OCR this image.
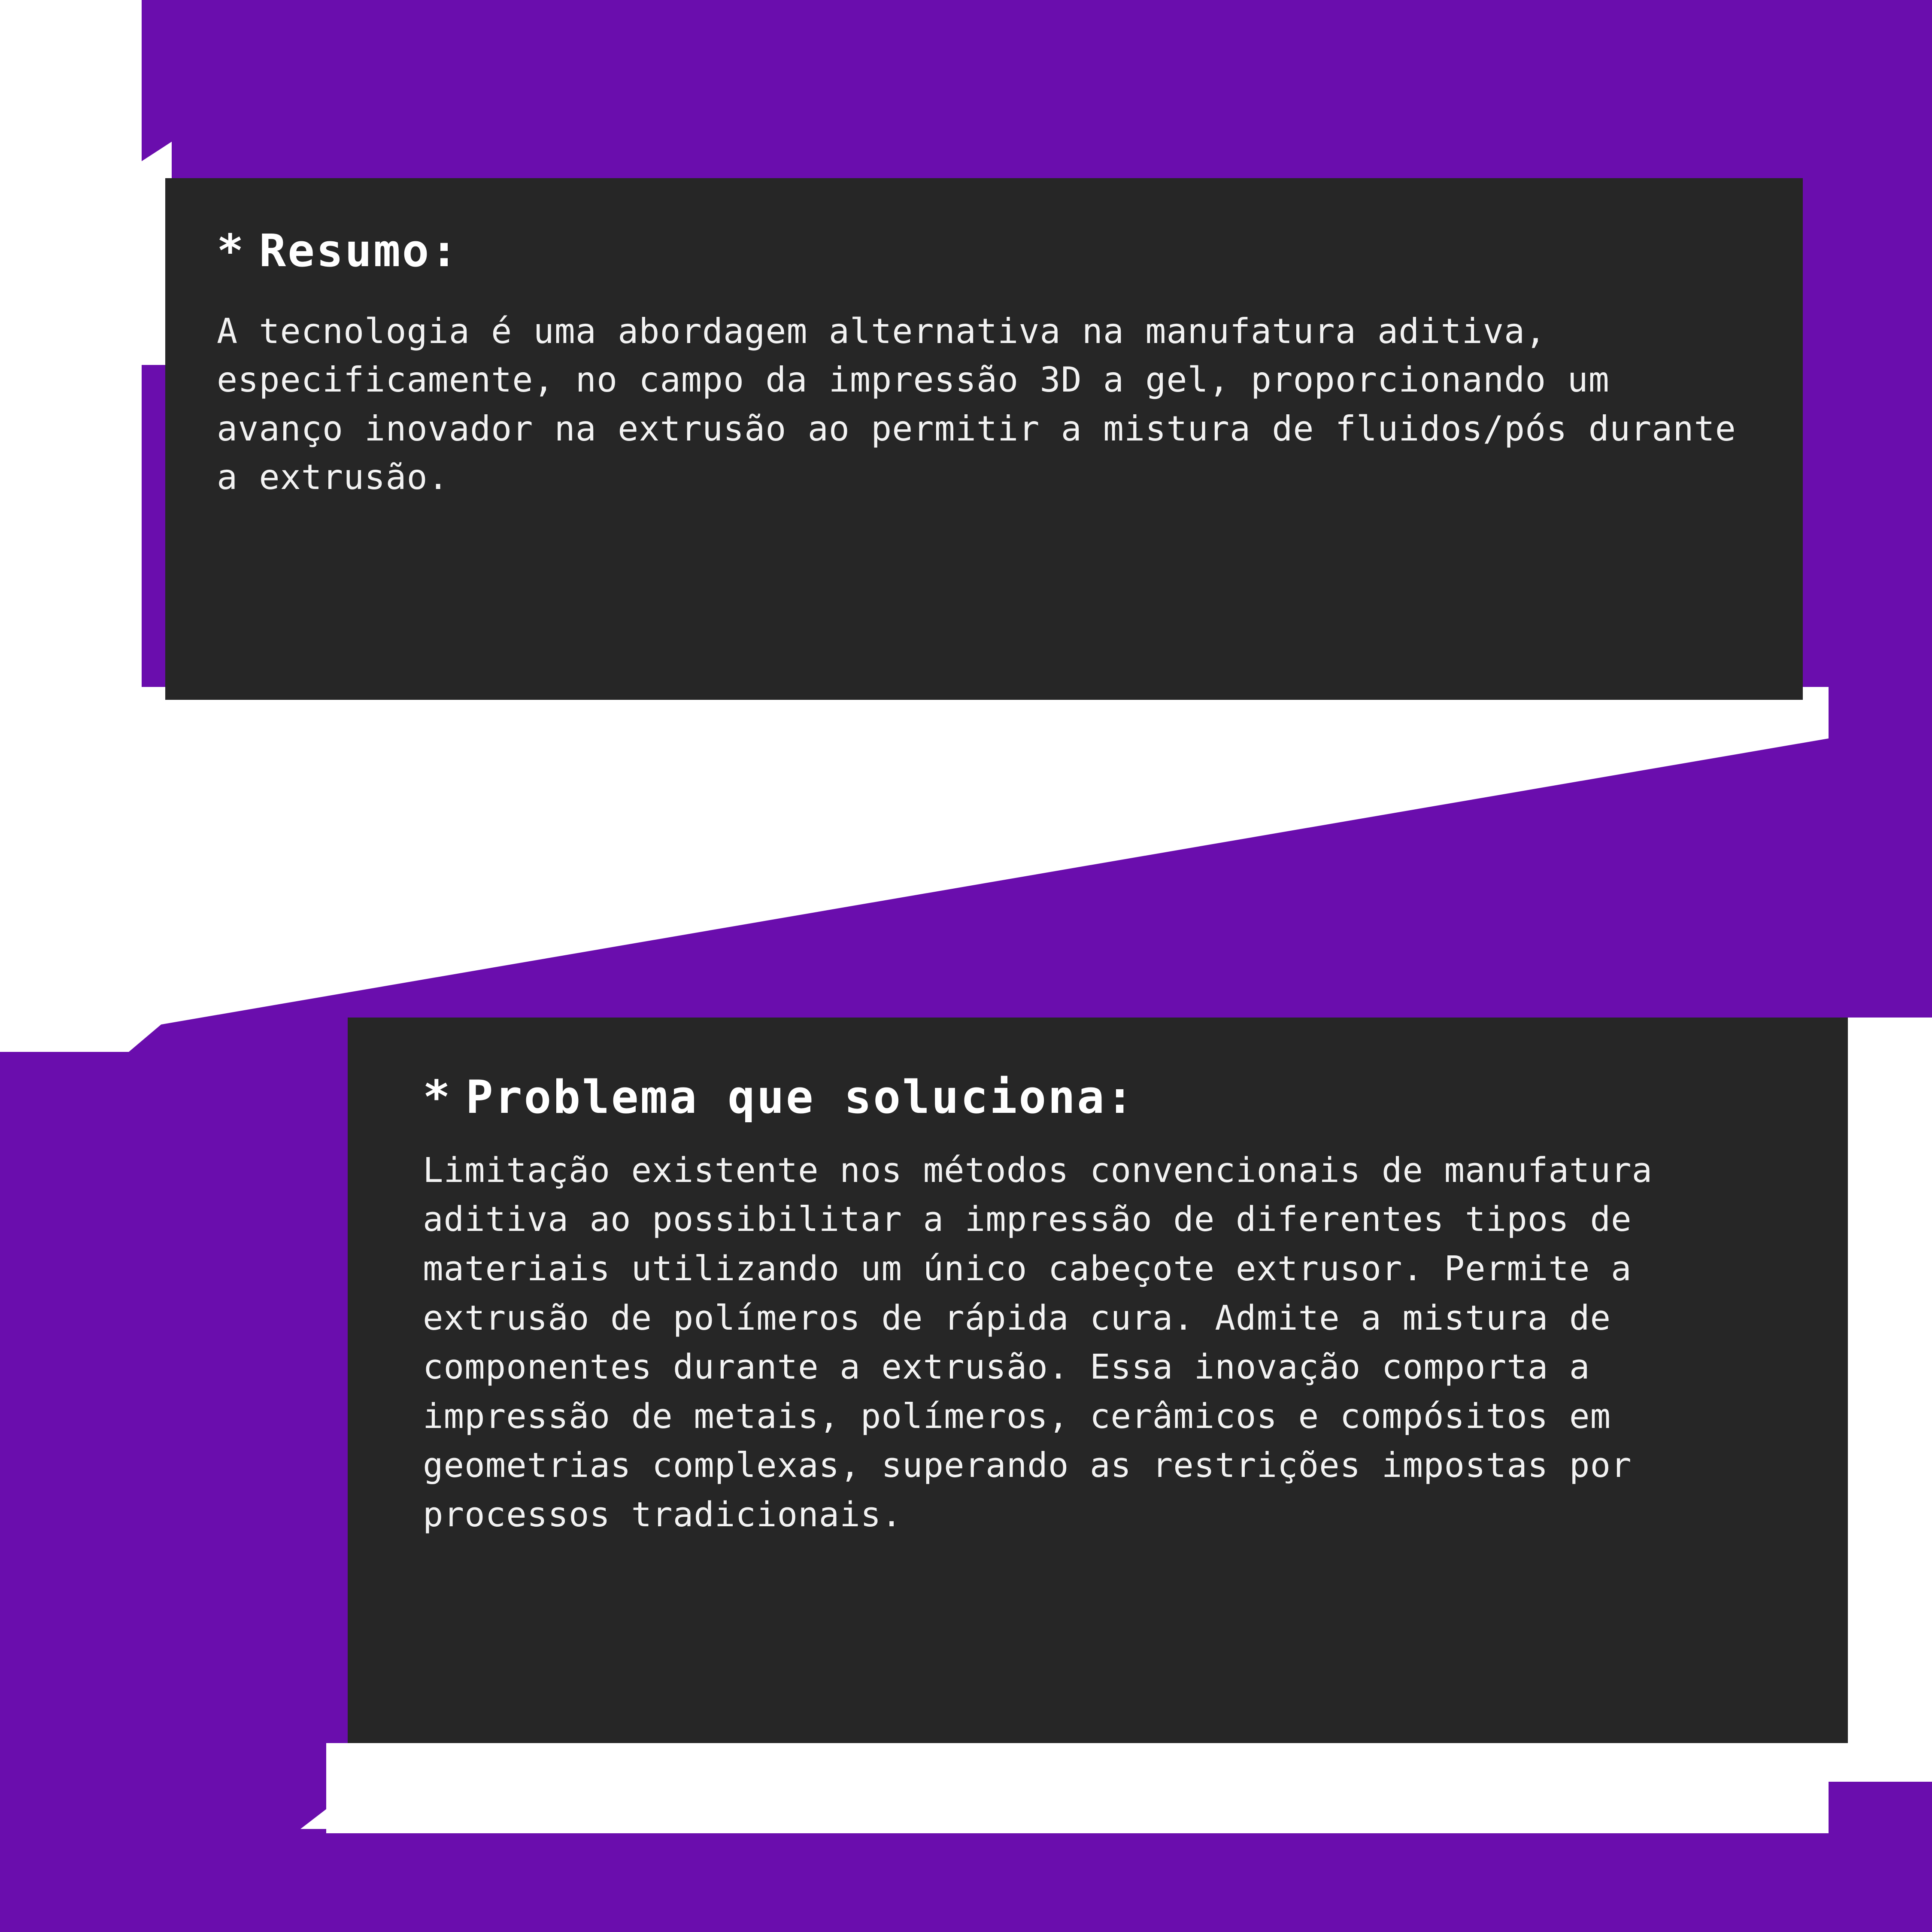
* Resumo:

A tecnologia é uma abordagem alternativa na manufatura aditiva, especificamente, no campo da impressão 3D a gel, proporcionando um avanço inovador na extrusão ao permitir a mistura de fluidos/pós durante a extrusão.

* Problema que soluciona:

Limitação existente nos métodos convencionais de manufatura aditiva ao possibilitar a impressão de diferentes tipos de materiais utilizando um único cabeçote extrusor. Permite a extrusão de polímeros de rápida cura. Admite a mistura de componentes durante a extrusão. Essa inovação comporta a impressão de metais, polímeros, cerâmicos e compósitos em geometrias complexas, superando as restrições impostas por processos tradicionais.
